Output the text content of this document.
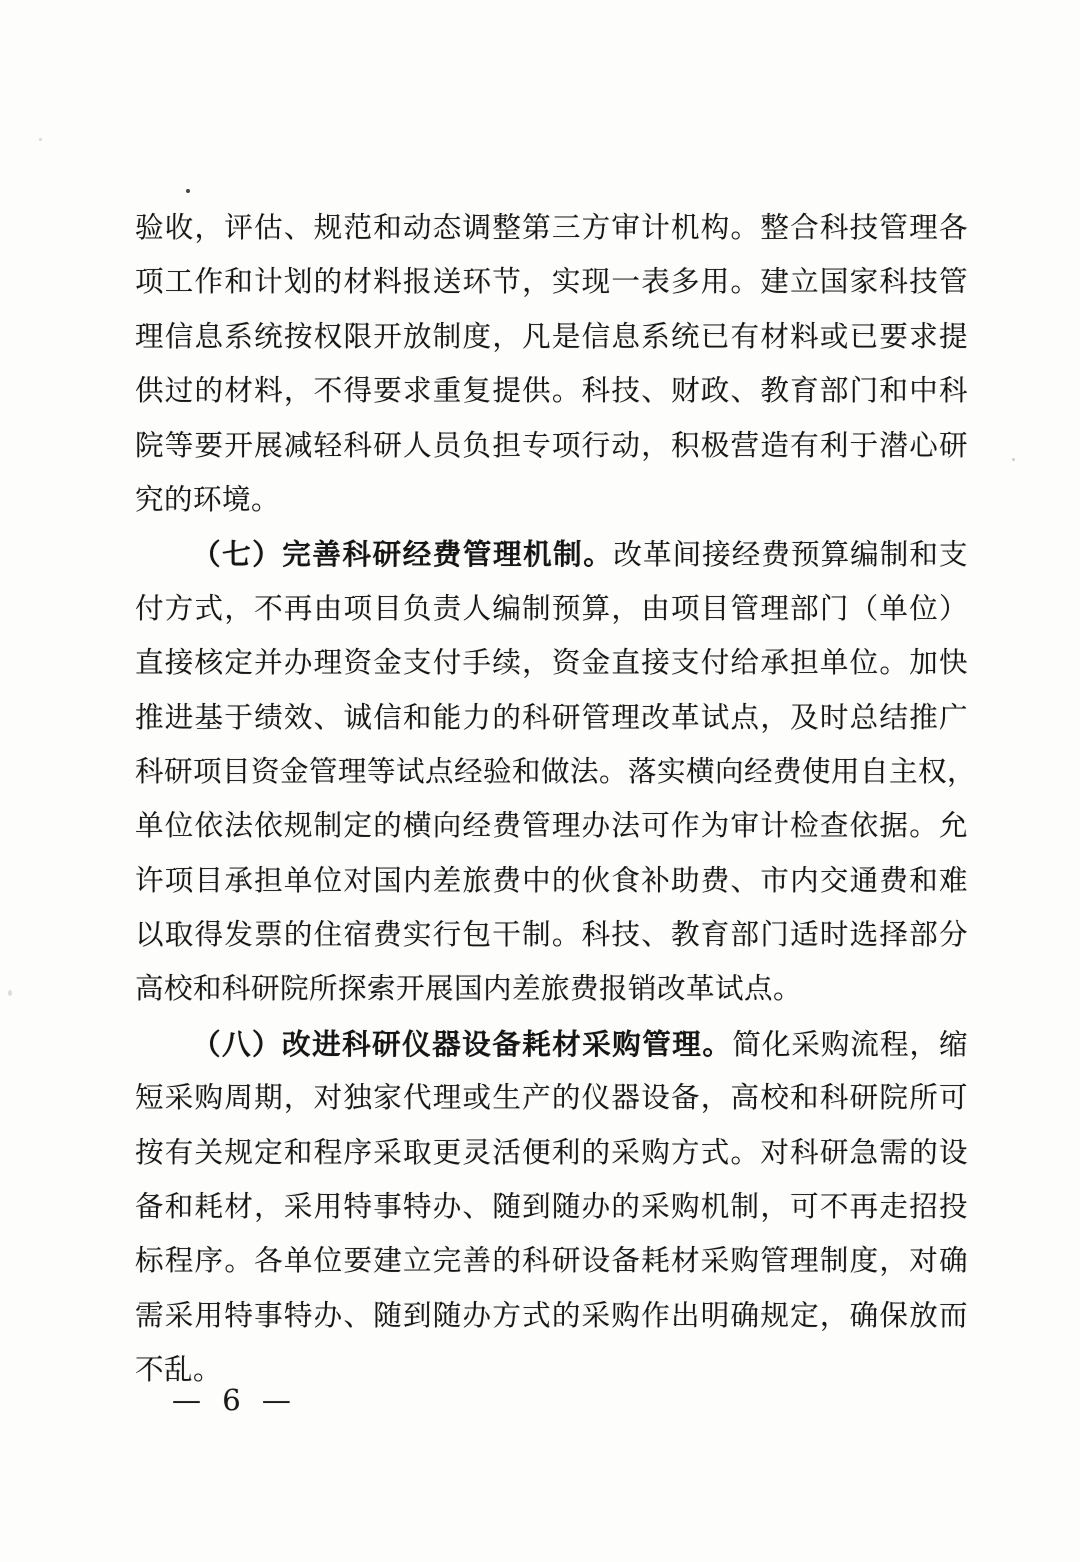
验收，评估、规范和动态调整第三方审计机构。整合科技管理各
项工作和计划的材料报送环节，实现一表多用。建立国家科技管
理信息系统按权限开放制度，凡是信息系统已有材料或已要求提
供过的材料，不得要求重复提供。科技、财政、教育部门和中科
院等要开展减轻科研人员负担专项行动，积极营造有利于潜心研
究的环境。
（七）完善科研经费管理机制。改革间接经费预算编制和支
付方式，不再由项目负责人编制预算，由项目管理部门（单位）
直接核定并办理资金支付手续，资金直接支付给承担单位。加快
推进基于绩效、诚信和能力的科研管理改革试点，及时总结推广
科研项目资金管理等试点经验和做法。落实横向经费使用自主权，
单位依法依规制定的横向经费管理办法可作为审计检查依据。允
许项目承担单位对国内差旅费中的伙食补助费、市内交通费和难
以取得发票的住宿费实行包干制。科技、教育部门适时选择部分
高校和科研院所探索开展国内差旅费报销改革试点。
（八）改进科研仪器设备耗材采购管理。简化采购流程，缩
短采购周期，对独家代理或生产的仪器设备，高校和科研院所可
按有关规定和程序采取更灵活便利的采购方式。对科研急需的设
备和耗材，采用特事特办、随到随办的采购机制，可不再走招投
标程序。各单位要建立完善的科研设备耗材采购管理制度，对确
需采用特事特办、随到随办方式的采购作出明确规定，确保放而
不乱。
— 6 —
